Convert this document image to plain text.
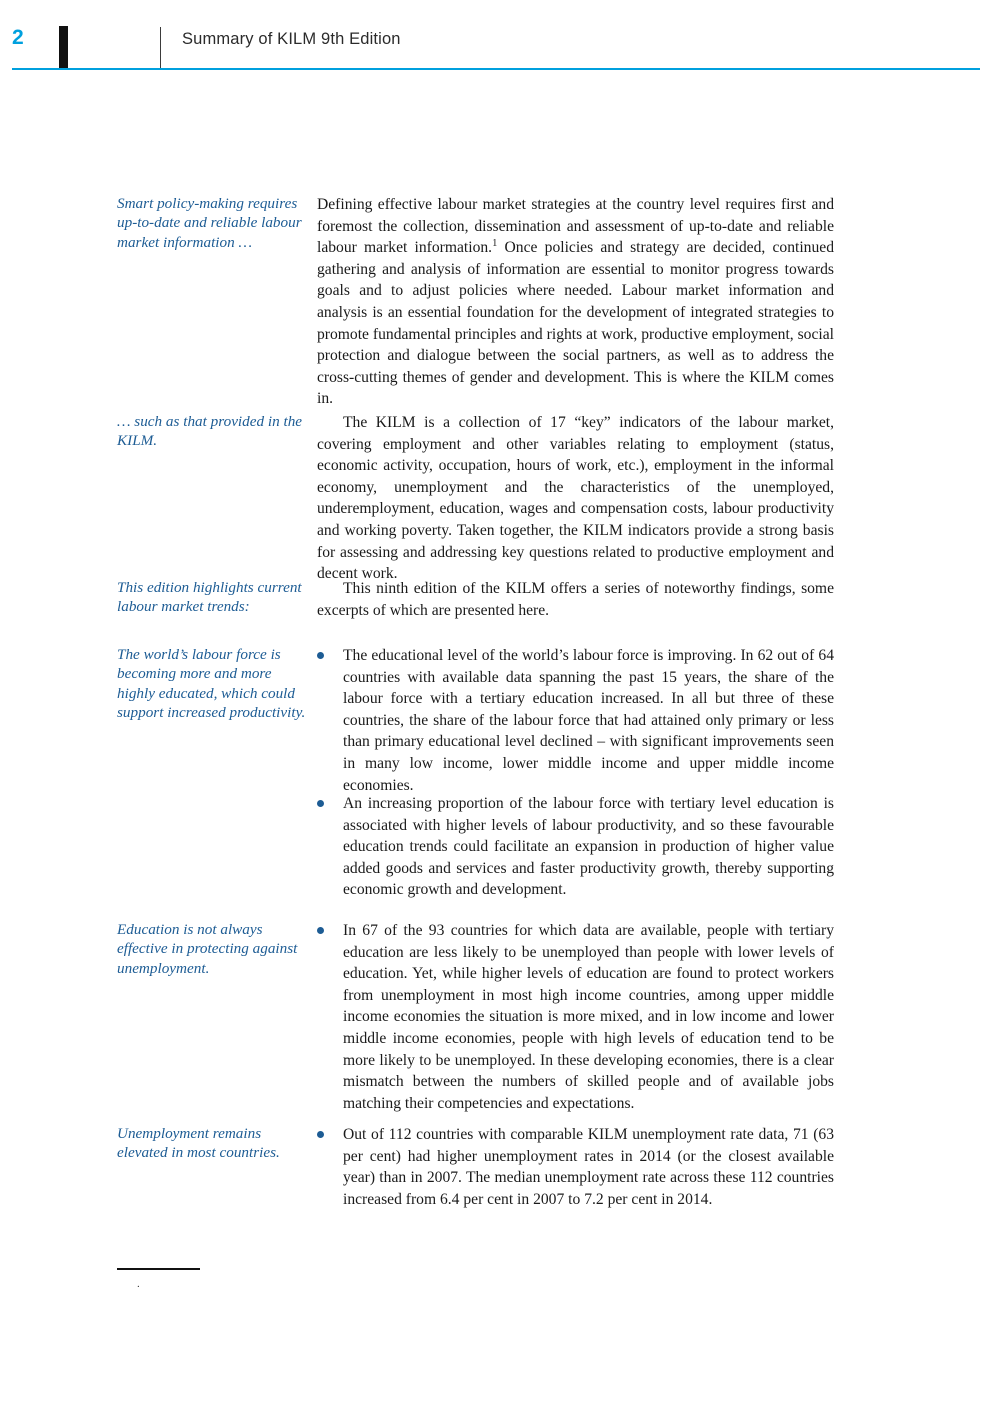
2	Summary of KILM 9th Edition
Smart policy-making requires up-to-date and reliable labour market information …
Defining effective labour market strategies at the country level requires first and foremost the collection, dissemination and assessment of up-to-date and reliable labour market information.$^1$ Once policies and strategy are decided, continued gathering and analysis of information are essential to monitor progress towards goals and to adjust policies where needed. Labour market information and analysis is an essential foundation for the development of integrated strategies to promote fundamental principles and rights at work, productive employment, social protection and dialogue between the social partners, as well as to address the cross-cutting themes of gender and development. This is where the KILM comes in.
… such as that provided in the KILM.
The KILM is a collection of 17 “key” indicators of the labour market, covering employment and other variables relating to employment (status, economic activity, occupation, hours of work, etc.), employment in the informal economy, unemployment and the characteristics of the unemployed, underemployment, education, wages and compensation costs, labour productivity and working poverty. Taken together, the KILM indicators provide a strong basis for assessing and addressing key questions related to productive employment and decent work.
This edition highlights current labour market trends:
This ninth edition of the KILM offers a series of noteworthy findings, some excerpts of which are presented here.
The world’s labour force is becoming more and more highly educated, which could support increased productivity.
The educational level of the world’s labour force is improving. In 62 out of 64 countries with available data spanning the past 15 years, the share of the labour force with a tertiary education increased. In all but three of these countries, the share of the labour force that had attained only primary or less than primary educational level declined – with significant improvements seen in many low income, lower middle income and upper middle income economies.
An increasing proportion of the labour force with tertiary level education is associated with higher levels of labour productivity, and so these favourable education trends could facilitate an expansion in production of higher value added goods and services and faster productivity growth, thereby supporting economic growth and development.
Education is not always effective in protecting against unemployment.
In 67 of the 93 countries for which data are available, people with tertiary education are less likely to be unemployed than people with lower levels of education. Yet, while higher levels of education are found to protect workers from unemployment in most high income countries, among upper middle income economies the situation is more mixed, and in low income and lower middle income economies, people with high levels of education tend to be more likely to be unemployed. In these developing economies, there is a clear mismatch between the numbers of skilled people and of available jobs matching their competencies and expectations.
Unemployment remains elevated in most countries.
Out of 112 countries with comparable KILM unemployment rate data, 71 (63 per cent) had higher unemployment rates in 2014 (or the closest available year) than in 2007. The median unemployment rate across these 112 countries increased from 6.4 per cent in 2007 to 7.2 per cent in 2014.
.
